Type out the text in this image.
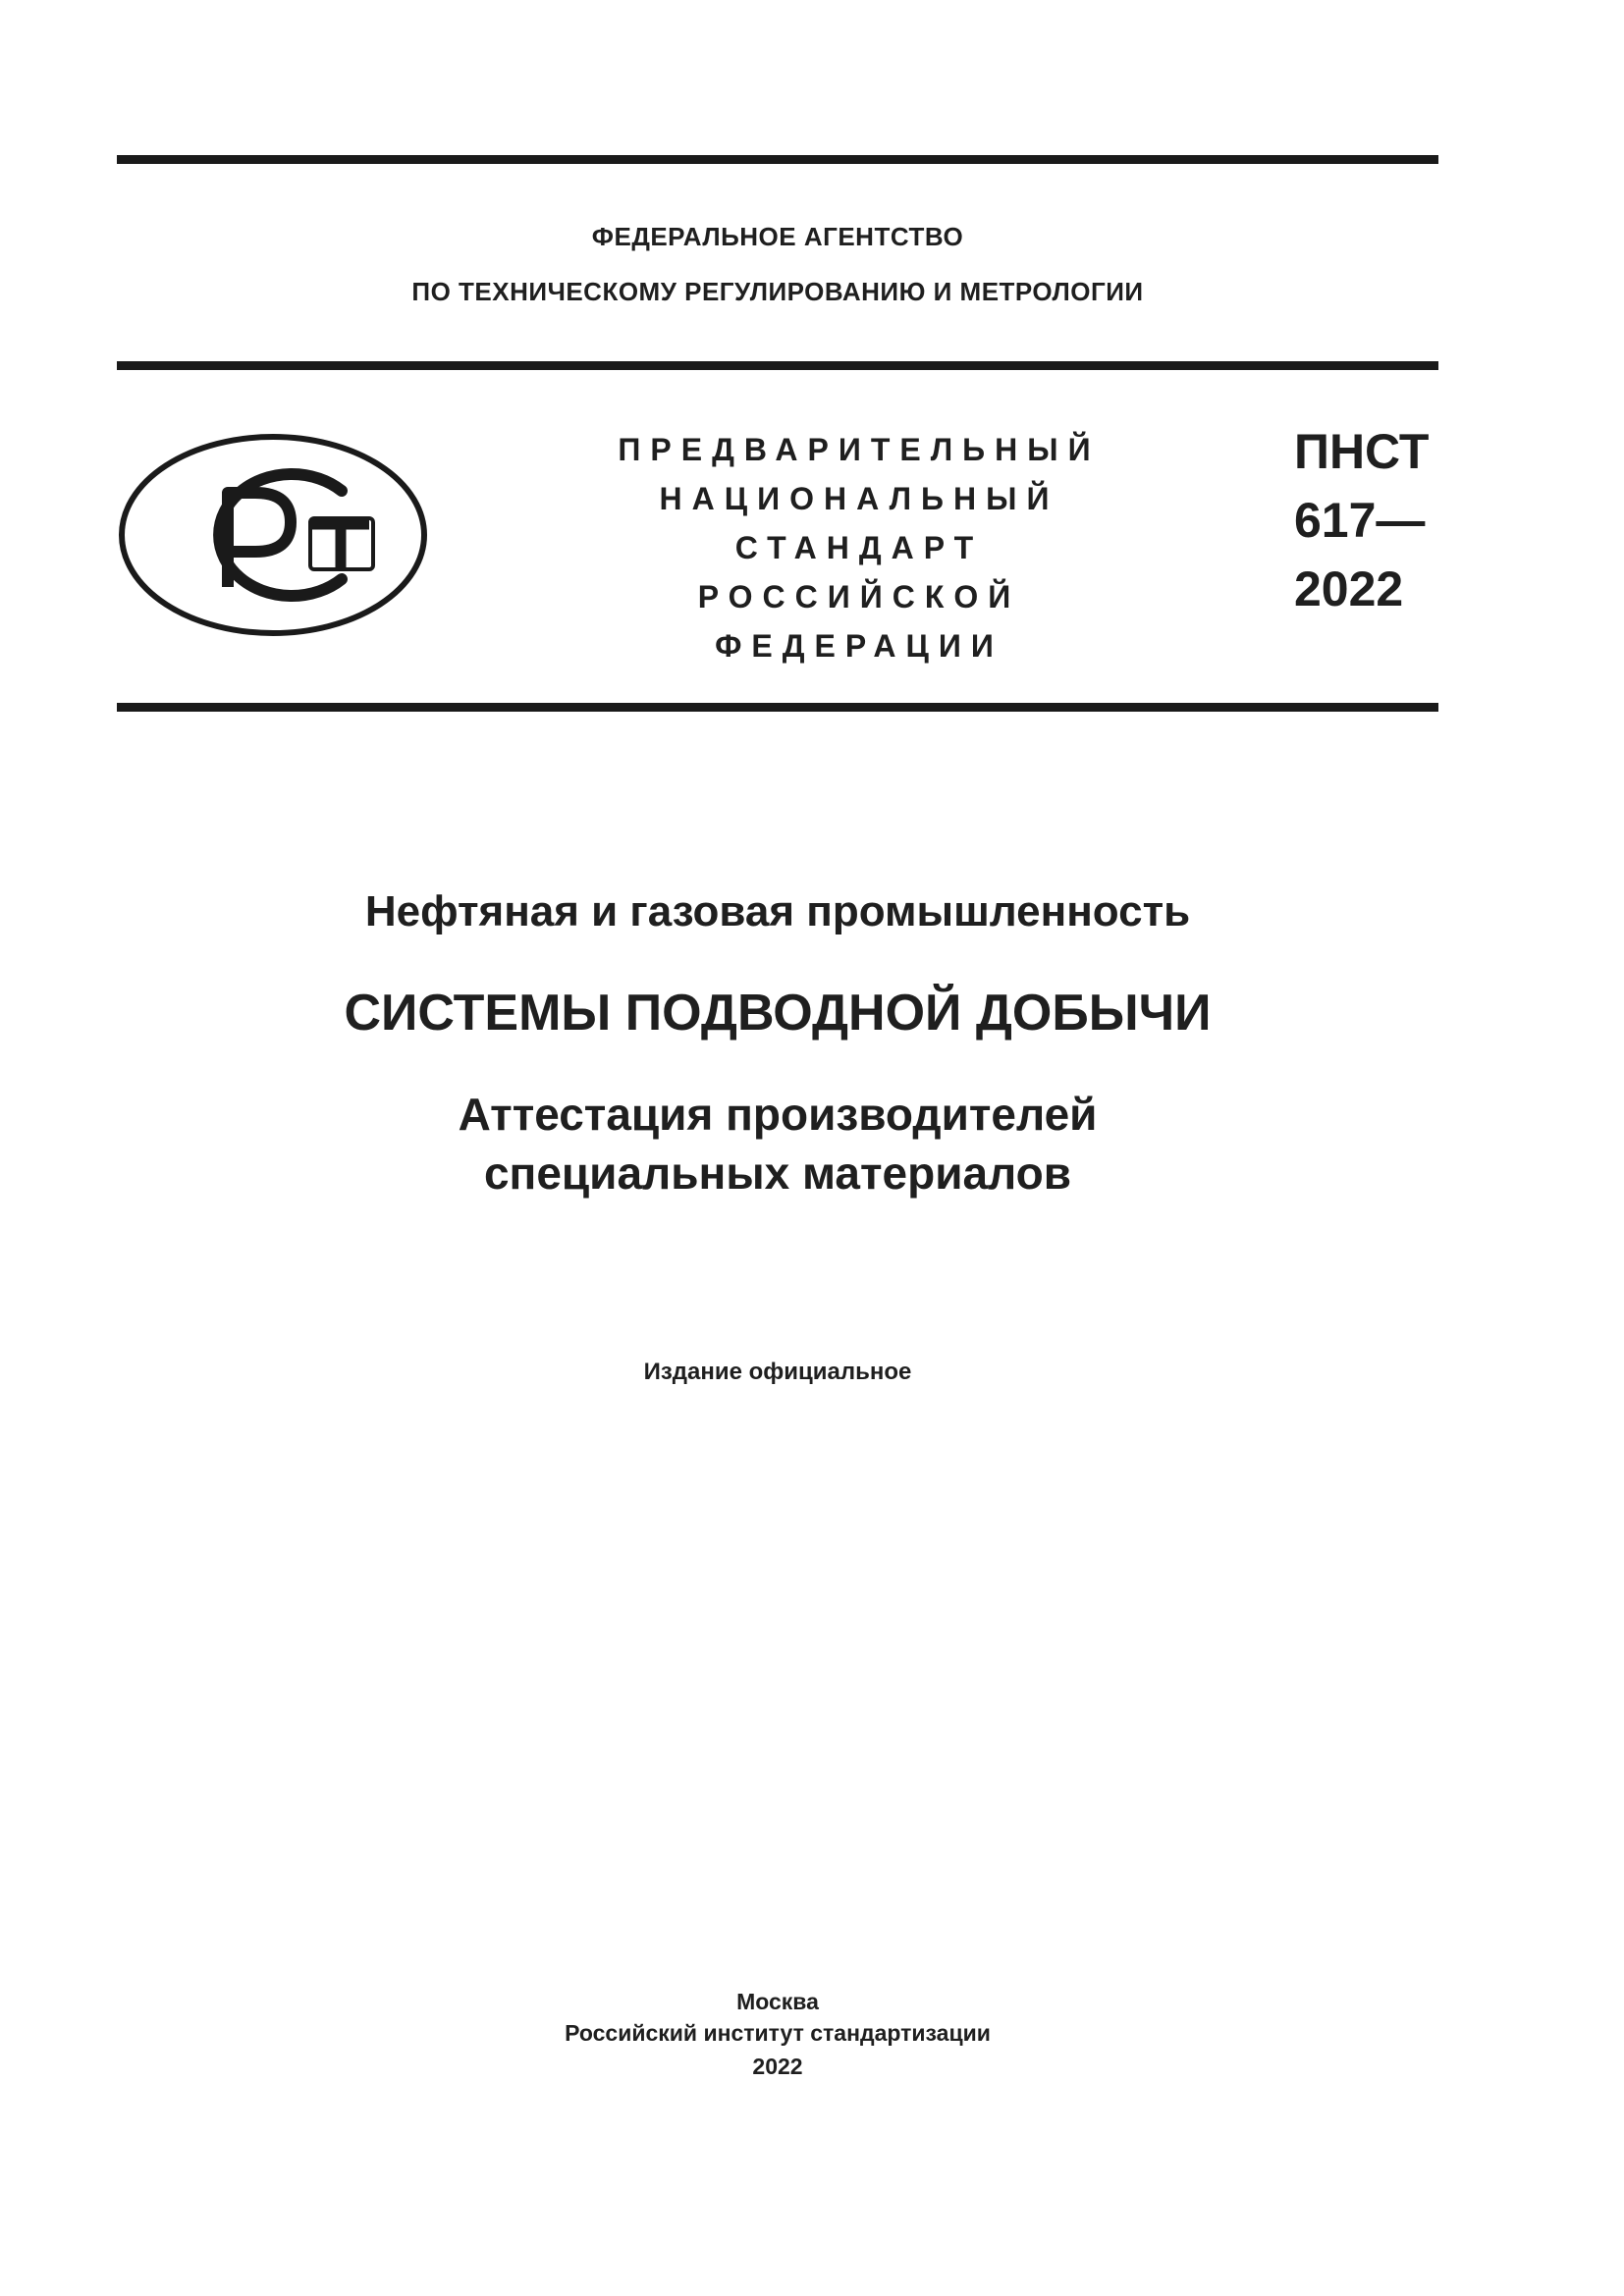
ФЕДЕРАЛЬНОЕ АГЕНТСТВО
ПО ТЕХНИЧЕСКОМУ РЕГУЛИРОВАНИЮ И МЕТРОЛОГИИ
ПРЕДВАРИТЕЛЬНЫЙ
НАЦИОНАЛЬНЫЙ
СТАНДАРТ
РОССИЙСКОЙ
ФЕДЕРАЦИИ
ПНСТ
617—
2022
Нефтяная и газовая промышленность
СИСТЕМЫ ПОДВОДНОЙ ДОБЫЧИ
Аттестация производителей
специальных материалов
Издание официальное
Москва
Российский институт стандартизации
2022
